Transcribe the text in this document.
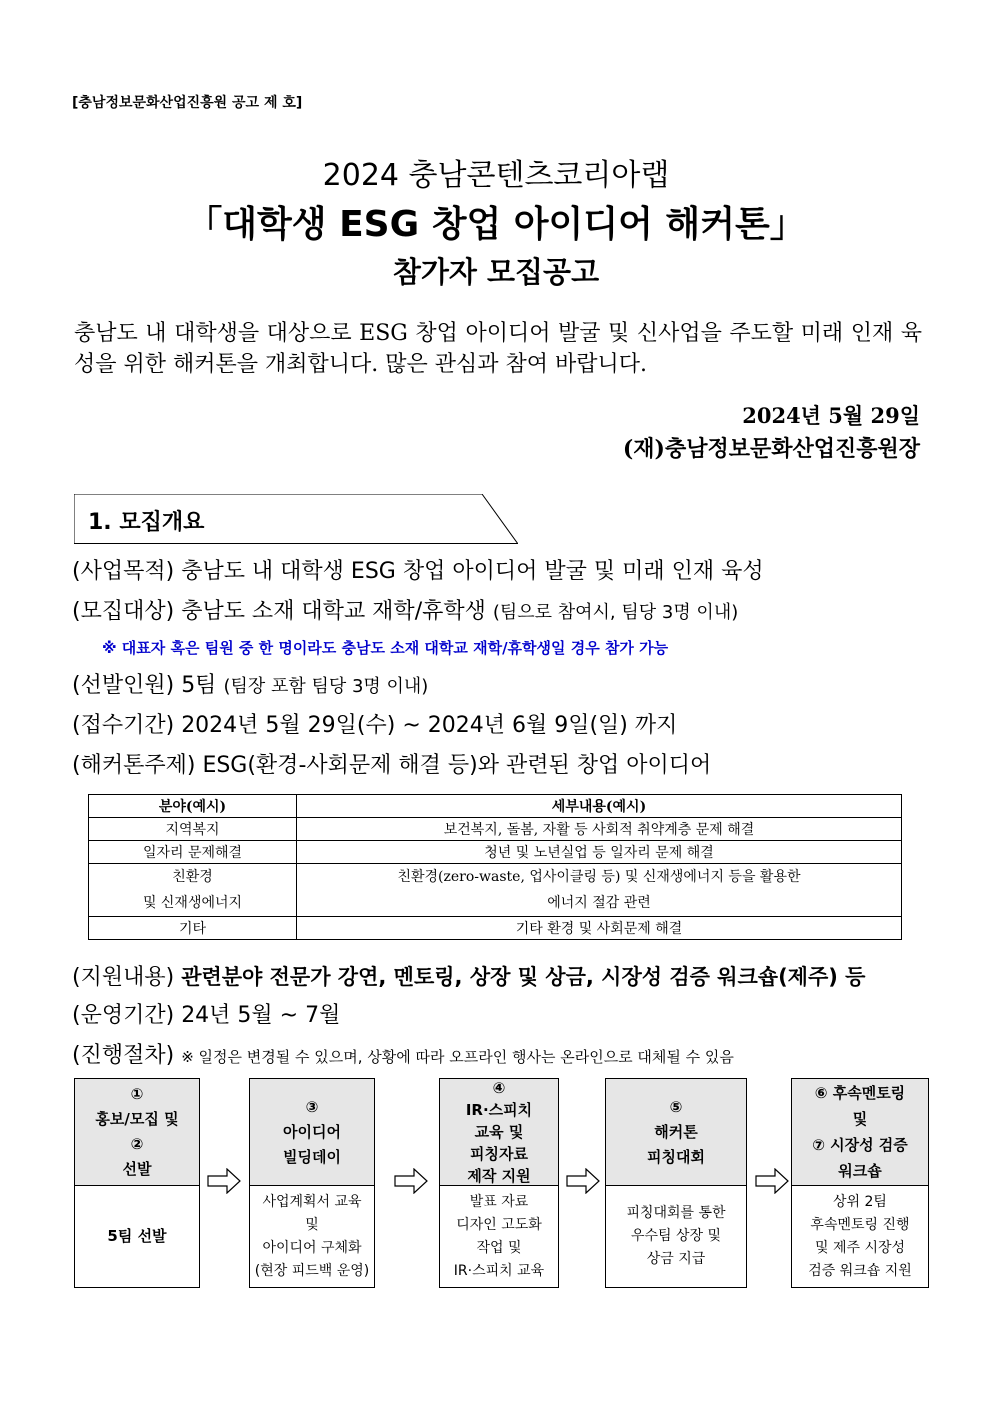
[충남정보문화산업진흥원 공고 제 호]
2024 충남콘텐츠코리아랩
「대학생 ESG 창업 아이디어 해커톤」
참가자 모집공고
충남도 내 대학생을 대상으로 ESG 창업 아이디어 발굴 및 신사업을 주도할 미래 인재 육성을 위한 해커톤을 개최합니다. 많은 관심과 참여 바랍니다.
2024년 5월 29일
(재)충남정보문화산업진흥원장
1. 모집개요
(사업목적) 충남도 내 대학생 ESG 창업 아이디어 발굴 및 미래 인재 육성
(모집대상) 충남도 소재 대학교 재학/휴학생 (팀으로 참여시, 팀당 3명 이내)
※ 대표자 혹은 팀원 중 한 명이라도 충남도 소재 대학교 재학/휴학생일 경우 참가 가능
(선발인원) 5팀 (팀장 포함 팀당 3명 이내)
(접수기간) 2024년 5월 29일(수) ~ 2024년 6월 9일(일) 까지
(해커톤주제) ESG(환경-사회문제 해결 등)와 관련된 창업 아이디어
분야(예시)	세부내용(예시)
지역복지	보건복지, 돌봄, 자활 등 사회적 취약계층 문제 해결
일자리 문제해결	청년 및 노년실업 등 일자리 문제 해결
친환경
및 신재생에너지	친환경(zero-waste, 업사이클링 등) 및 신재생에너지 등을 활용한
에너지 절감 관련
기타	기타 환경 및 사회문제 해결
(지원내용) 관련분야 전문가 강연, 멘토링, 상장 및 상금, 시장성 검증 워크숍(제주) 등
(운영기간) 24년 5월 ~ 7월
(진행절차) ※ 일정은 변경될 수 있으며, 상황에 따라 오프라인 행사는 온라인으로 대체될 수 있음
①
홍보/모집 및
②
선발
5팀 선발
③
아이디어
빌딩데이
사업계획서 교육
및
아이디어 구체화
(현장 피드백 운영)
④
IR·스피치
교육 및
피칭자료
제작 지원
발표 자료
디자인 고도화
작업 및
IR·스피치 교육
⑤
해커톤
피칭대회
피칭대회를 통한
우수팀 상장 및
상금 지급
⑥ 후속멘토링
및
⑦ 시장성 검증
워크숍
상위 2팀
후속멘토링 진행
및 제주 시장성
검증 워크숍 지원
